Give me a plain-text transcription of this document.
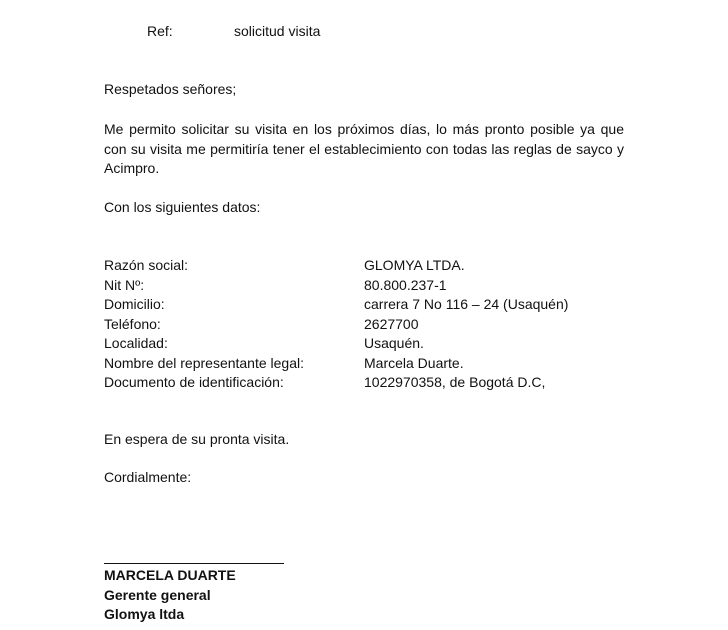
Ref:	solicitud visita
Respetados señores;
Me permito solicitar su visita en los próximos días, lo más pronto posible ya que con su visita me permitiría tener el establecimiento con todas las reglas de sayco y Acimpro.
Con los siguientes datos:
Razón social:	GLOMYA LTDA.
Nit Nº:	80.800.237-1
Domicilio:	carrera 7 No 116 – 24 (Usaquén)
Teléfono:	2627700
Localidad:	Usaquén.
Nombre del representante legal:	Marcela Duarte.
Documento de identificación:	1022970358, de Bogotá D.C,
En espera de su pronta visita.
Cordialmente:
MARCELA DUARTE
Gerente general
Glomya ltda
